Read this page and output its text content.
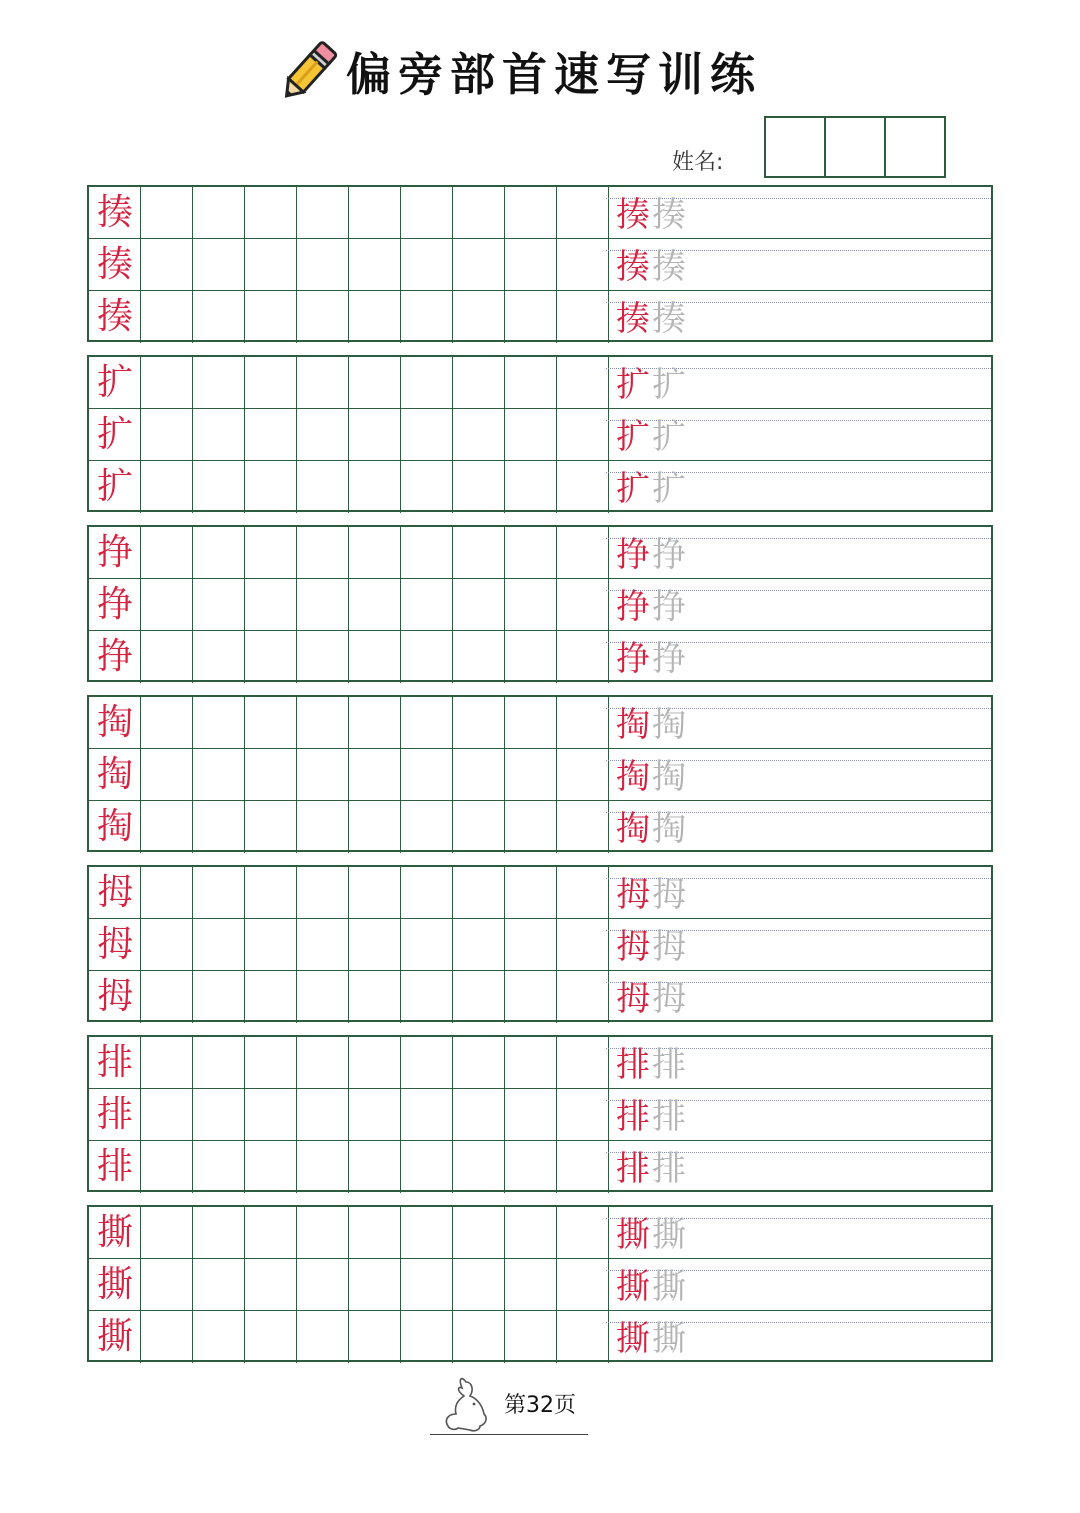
偏旁部首速写训练
姓名:
揍
揍
揍
揍揍
揍揍
揍揍
扩
扩
扩
扩扩
扩扩
扩扩
挣
挣
挣
挣挣
挣挣
挣挣
掏
掏
掏
掏掏
掏掏
掏掏
拇
拇
拇
拇拇
拇拇
拇拇
排
排
排
排排
排排
排排
撕
撕
撕
撕撕
撕撕
撕撕
第32页
